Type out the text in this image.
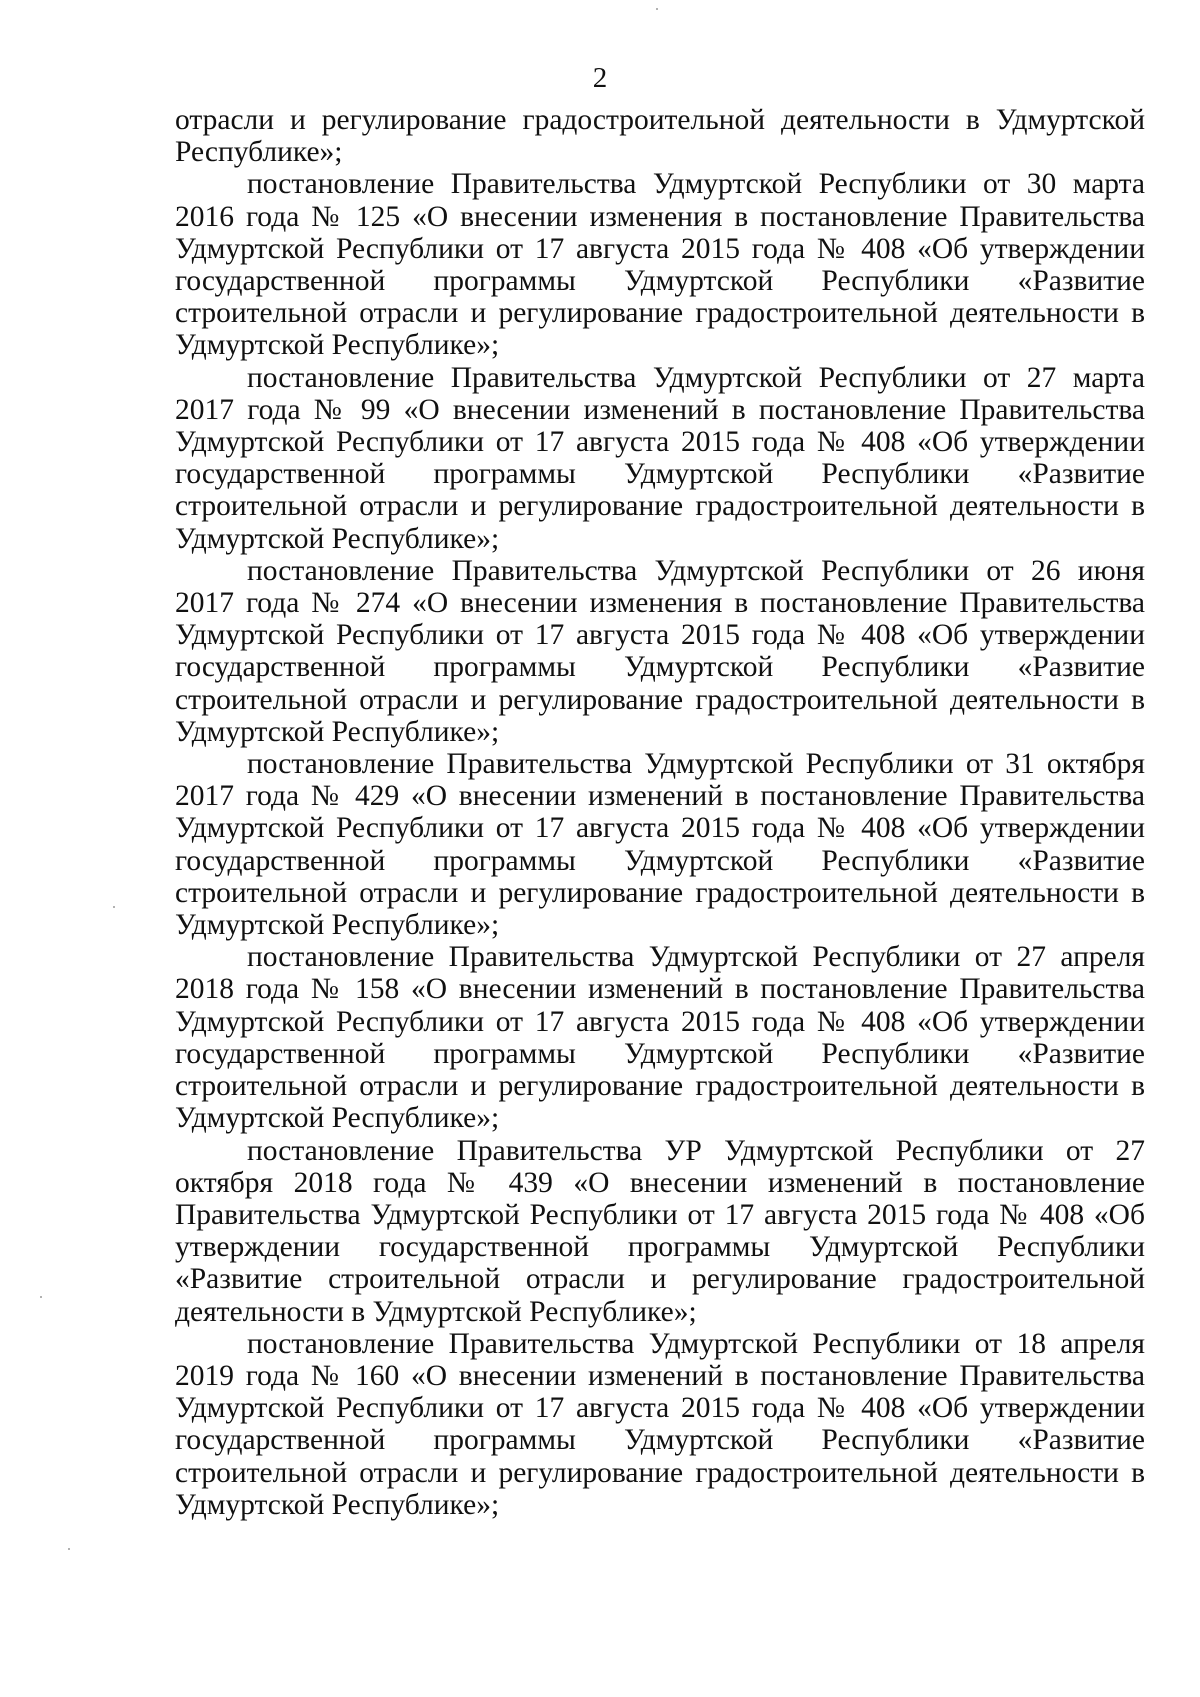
2

отрасли и регулирование градостроительной деятельности в Удмуртской Республике»;

постановление Правительства Удмуртской Республики от 30 марта 2016 года № 125 «О внесении изменения в постановление Правительства Удмуртской Республики от 17 августа 2015 года № 408 «Об утверждении государственной программы Удмуртской Республики «Развитие строительной отрасли и регулирование градостроительной деятельности в Удмуртской Республике»;

постановление Правительства Удмуртской Республики от 27 марта 2017 года № 99 «О внесении изменений в постановление Правительства Удмуртской Республики от 17 августа 2015 года № 408 «Об утверждении государственной программы Удмуртской Республики «Развитие строительной отрасли и регулирование градостроительной деятельности в Удмуртской Республике»;

постановление Правительства Удмуртской Республики от 26 июня 2017 года № 274 «О внесении изменения в постановление Правительства Удмуртской Республики от 17 августа 2015 года № 408 «Об утверждении государственной программы Удмуртской Республики «Развитие строительной отрасли и регулирование градостроительной деятельности в Удмуртской Республике»;

постановление Правительства Удмуртской Республики от 31 октября 2017 года № 429 «О внесении изменений в постановление Правительства Удмуртской Республики от 17 августа 2015 года № 408 «Об утверждении государственной программы Удмуртской Республики «Развитие строительной отрасли и регулирование градостроительной деятельности в Удмуртской Республике»;

постановление Правительства Удмуртской Республики от 27 апреля 2018 года № 158 «О внесении изменений в постановление Правительства Удмуртской Республики от 17 августа 2015 года № 408 «Об утверждении государственной программы Удмуртской Республики «Развитие строительной отрасли и регулирование градостроительной деятельности в Удмуртской Республике»;

постановление Правительства УР Удмуртской Республики от 27 октября 2018 года № 439 «О внесении изменений в постановление Правительства Удмуртской Республики от 17 августа 2015 года № 408 «Об утверждении государственной программы Удмуртской Республики «Развитие строительной отрасли и регулирование градостроительной деятельности в Удмуртской Республике»;

постановление Правительства Удмуртской Республики от 18 апреля 2019 года № 160 «О внесении изменений в постановление Правительства Удмуртской Республики от 17 августа 2015 года № 408 «Об утверждении государственной программы Удмуртской Республики «Развитие строительной отрасли и регулирование градостроительной деятельности в Удмуртской Республике»;
